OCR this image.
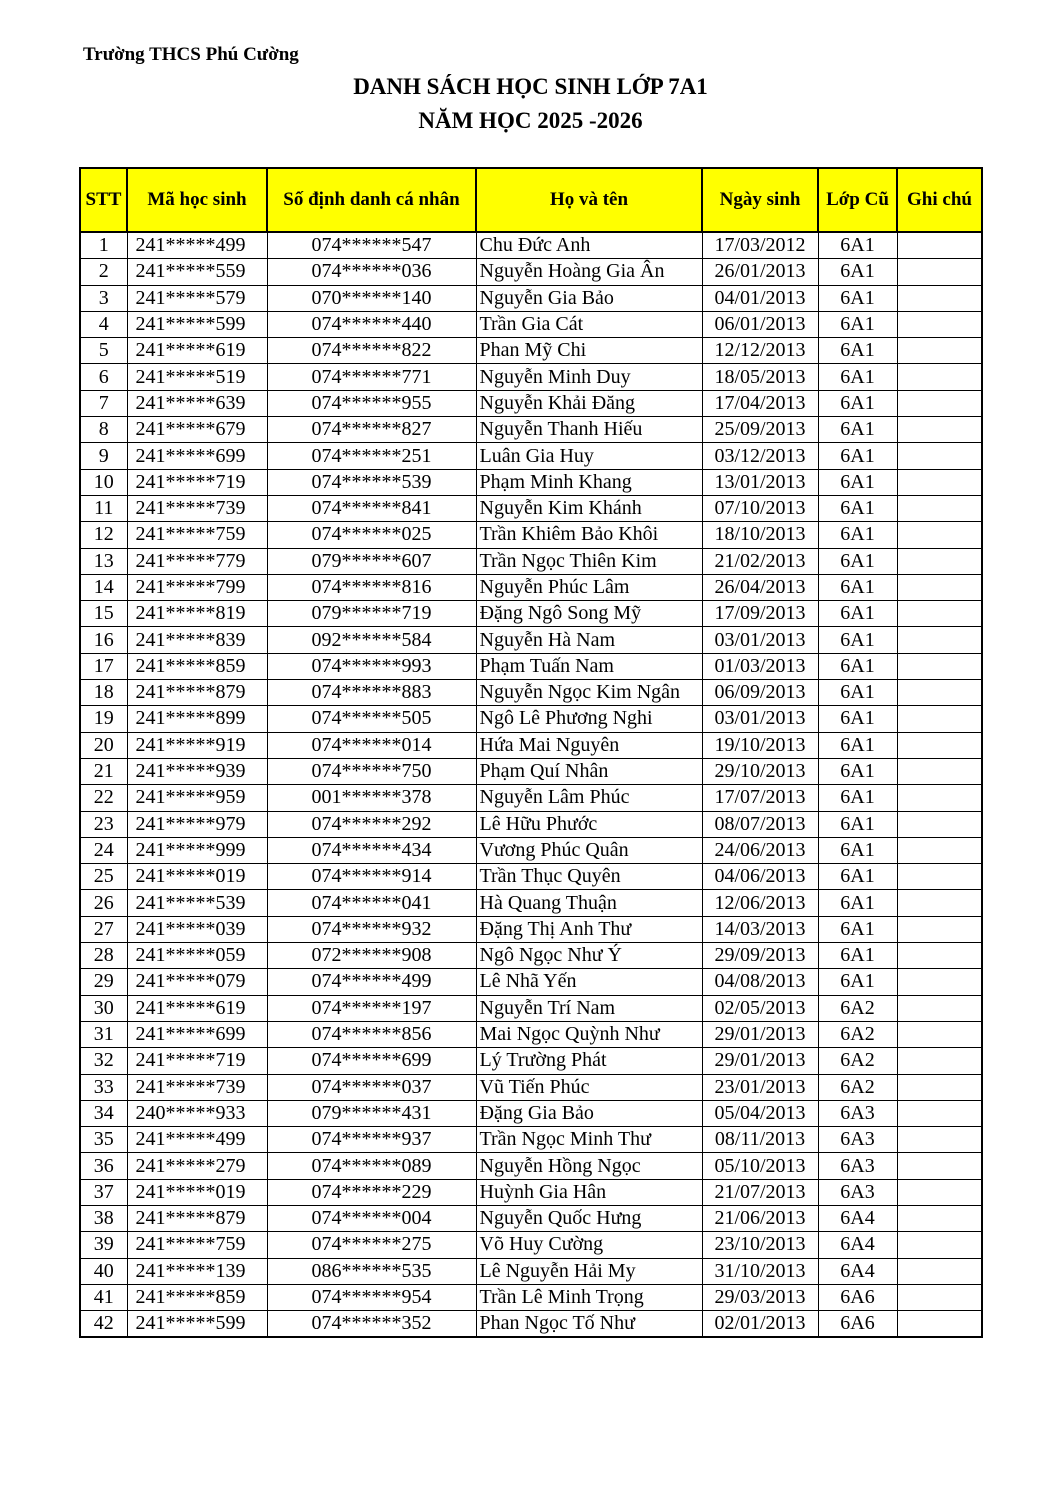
Trường THCS Phú Cường
DANH SÁCH HỌC SINH LỚP 7A1
NĂM HỌC 2025 -2026
STT	Mã học sinh	Số định danh cá nhân	Họ và tên	Ngày sinh	Lớp Cũ	Ghi chú
1	241*****499	074******547	Chu Đức Anh	17/03/2012	6A1	
2	241*****559	074******036	Nguyễn Hoàng Gia Ân	26/01/2013	6A1	
3	241*****579	070******140	Nguyễn Gia Bảo	04/01/2013	6A1	
4	241*****599	074******440	Trần Gia Cát	06/01/2013	6A1	
5	241*****619	074******822	Phan Mỹ Chi	12/12/2013	6A1	
6	241*****519	074******771	Nguyễn Minh Duy	18/05/2013	6A1	
7	241*****639	074******955	Nguyễn Khải Đăng	17/04/2013	6A1	
8	241*****679	074******827	Nguyễn Thanh Hiếu	25/09/2013	6A1	
9	241*****699	074******251	Luân Gia Huy	03/12/2013	6A1	
10	241*****719	074******539	Phạm Minh Khang	13/01/2013	6A1	
11	241*****739	074******841	Nguyễn Kim Khánh	07/10/2013	6A1	
12	241*****759	074******025	Trần Khiêm Bảo Khôi	18/10/2013	6A1	
13	241*****779	079******607	Trần Ngọc Thiên Kim	21/02/2013	6A1	
14	241*****799	074******816	Nguyễn Phúc Lâm	26/04/2013	6A1	
15	241*****819	079******719	Đặng Ngô Song Mỹ	17/09/2013	6A1	
16	241*****839	092******584	Nguyễn Hà Nam	03/01/2013	6A1	
17	241*****859	074******993	Phạm Tuấn Nam	01/03/2013	6A1	
18	241*****879	074******883	Nguyễn Ngọc Kim Ngân	06/09/2013	6A1	
19	241*****899	074******505	Ngô Lê Phương Nghi	03/01/2013	6A1	
20	241*****919	074******014	Hứa Mai Nguyên	19/10/2013	6A1	
21	241*****939	074******750	Phạm Quí Nhân	29/10/2013	6A1	
22	241*****959	001******378	Nguyễn Lâm Phúc	17/07/2013	6A1	
23	241*****979	074******292	Lê Hữu Phước	08/07/2013	6A1	
24	241*****999	074******434	Vương Phúc Quân	24/06/2013	6A1	
25	241*****019	074******914	Trần Thục Quyên	04/06/2013	6A1	
26	241*****539	074******041	Hà Quang Thuận	12/06/2013	6A1	
27	241*****039	074******932	Đặng Thị Anh Thư	14/03/2013	6A1	
28	241*****059	072******908	Ngô Ngọc Như Ý	29/09/2013	6A1	
29	241*****079	074******499	Lê Nhã Yến	04/08/2013	6A1	
30	241*****619	074******197	Nguyễn Trí Nam	02/05/2013	6A2	
31	241*****699	074******856	Mai Ngọc Quỳnh Như	29/01/2013	6A2	
32	241*****719	074******699	Lý Trường Phát	29/01/2013	6A2	
33	241*****739	074******037	Vũ Tiến Phúc	23/01/2013	6A2	
34	240*****933	079******431	Đặng Gia Bảo	05/04/2013	6A3	
35	241*****499	074******937	Trần Ngọc Minh Thư	08/11/2013	6A3	
36	241*****279	074******089	Nguyễn Hồng Ngọc	05/10/2013	6A3	
37	241*****019	074******229	Huỳnh Gia Hân	21/07/2013	6A3	
38	241*****879	074******004	Nguyễn Quốc Hưng	21/06/2013	6A4	
39	241*****759	074******275	Võ Huy Cường	23/10/2013	6A4	
40	241*****139	086******535	Lê Nguyễn Hải My	31/10/2013	6A4	
41	241*****859	074******954	Trần Lê Minh Trọng	29/03/2013	6A6	
42	241*****599	074******352	Phan Ngọc Tố Như	02/01/2013	6A6	
